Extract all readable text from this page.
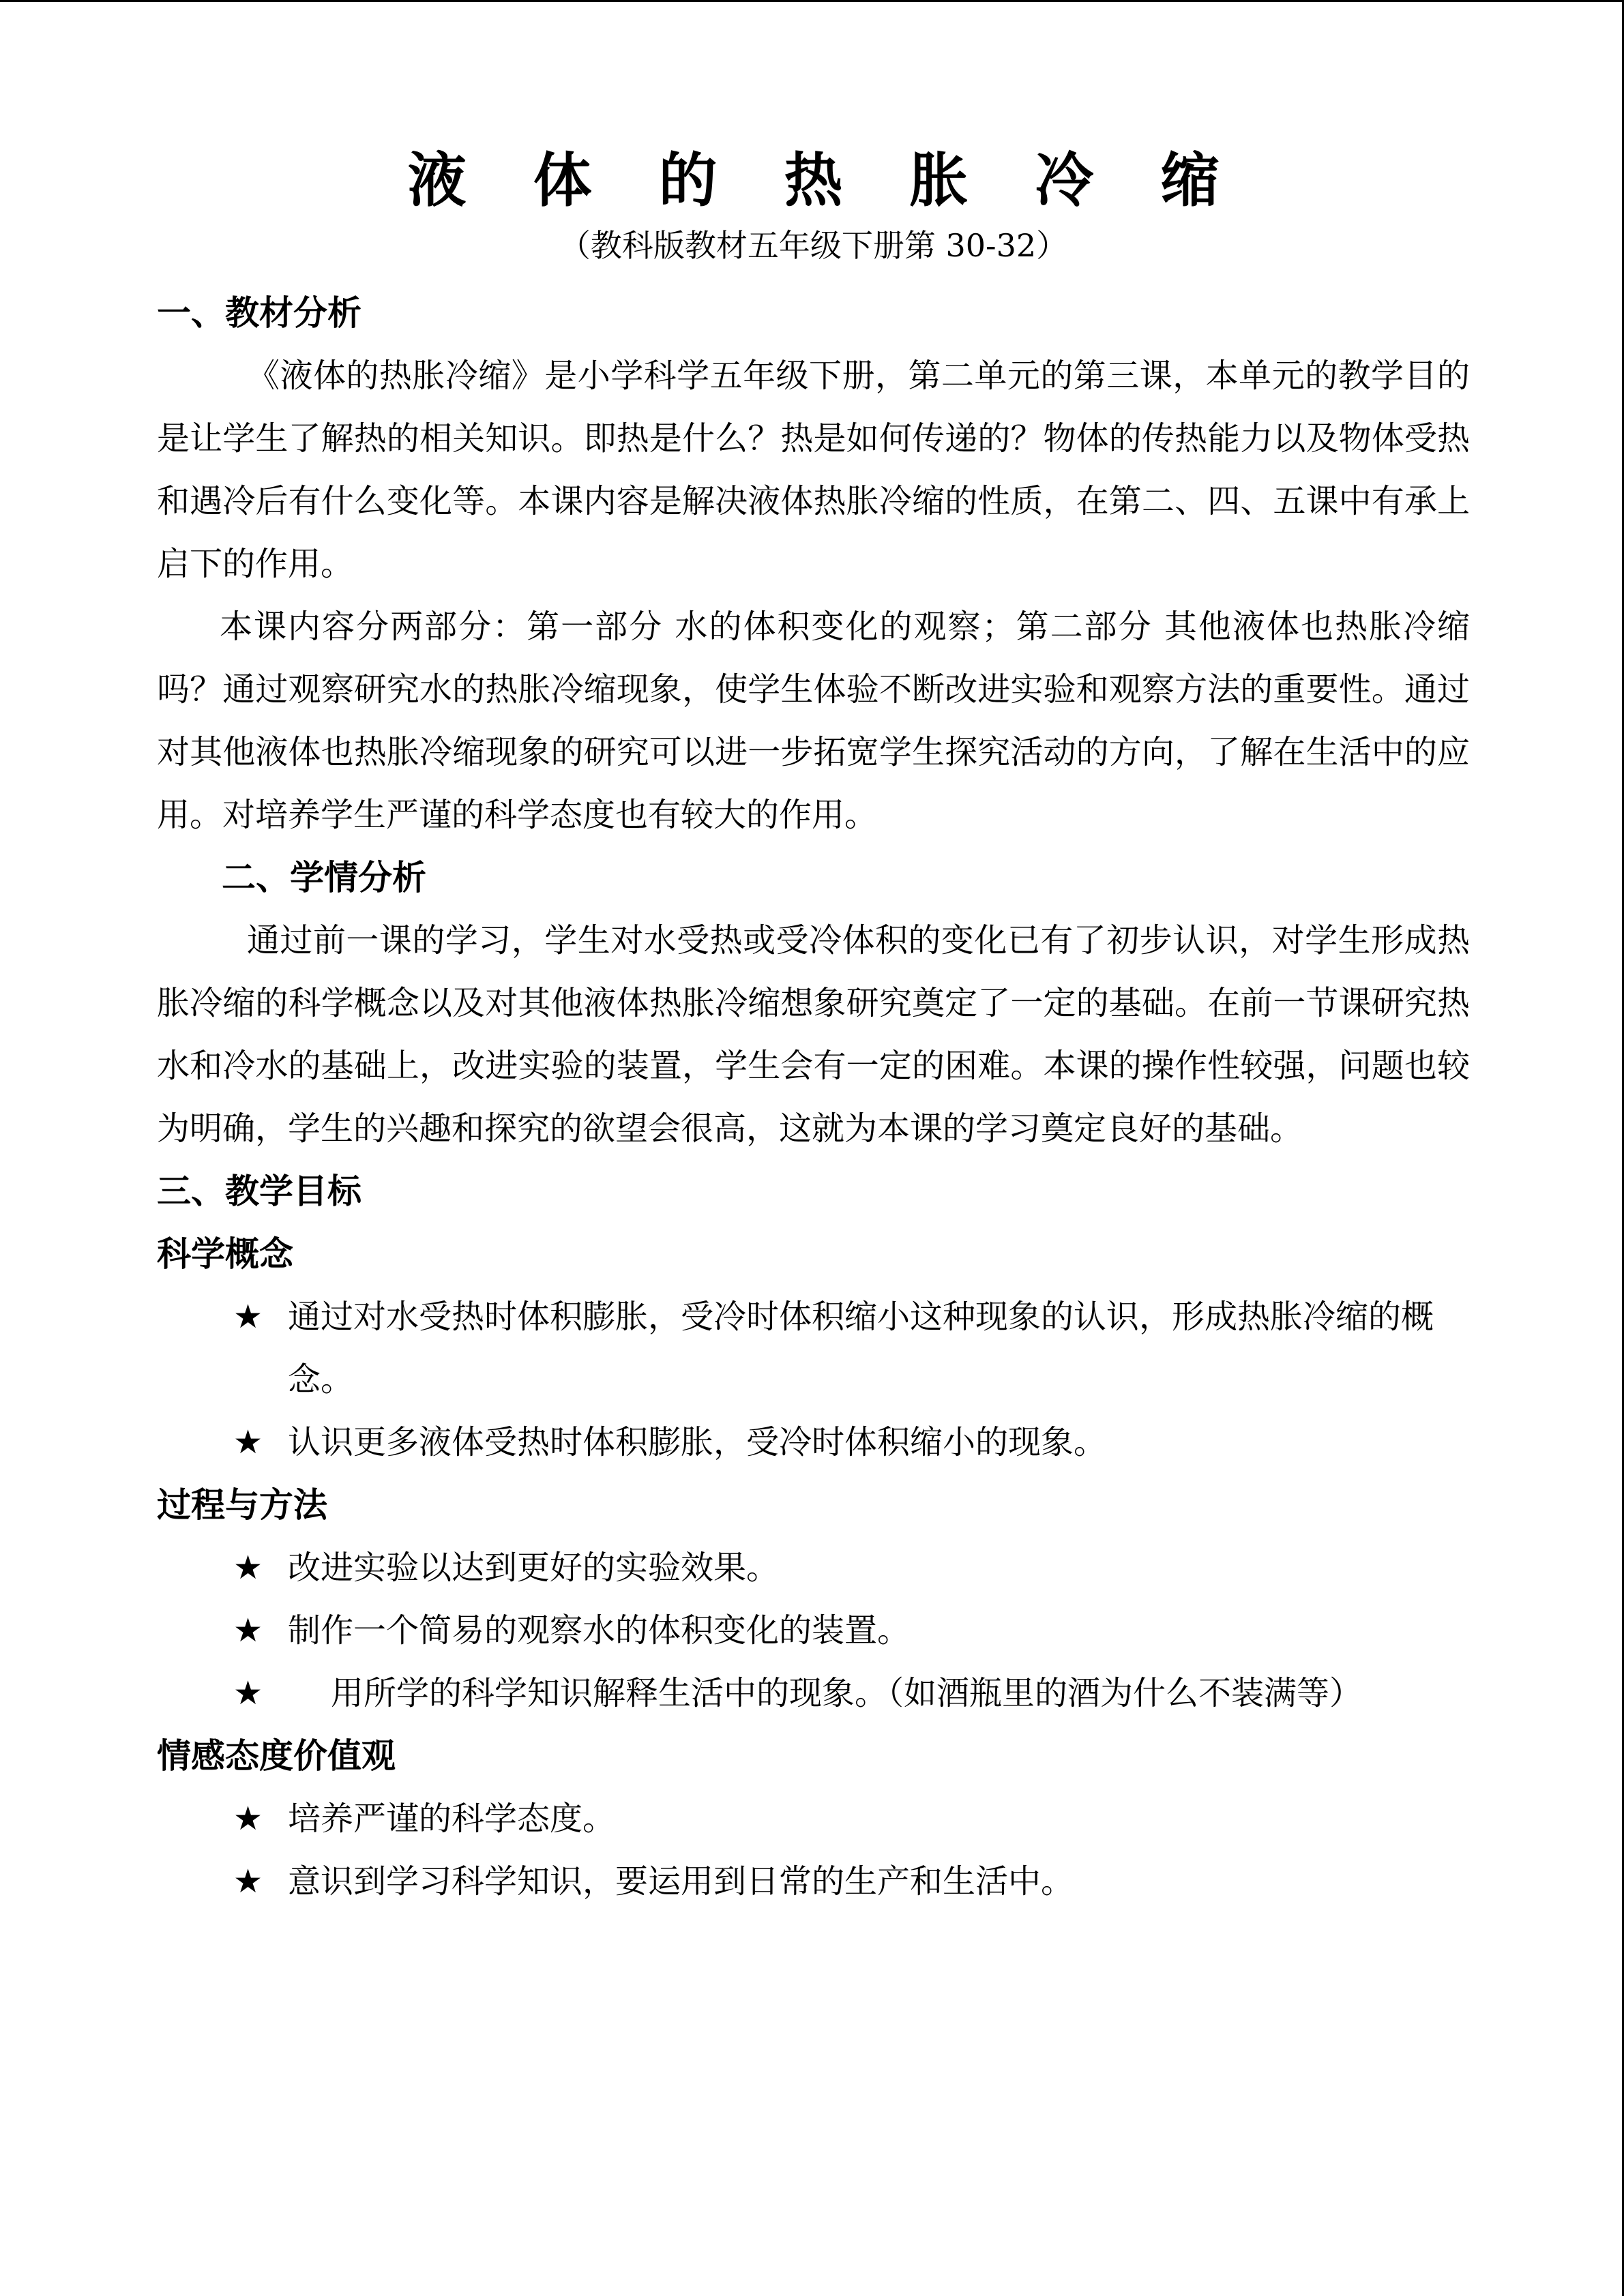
液 体 的 热 胀 冷 缩

（教科版教材五年级下册第 30-32）

一、教材分析

《液体的热胀冷缩》是小学科学五年级下册，第二单元的第三课，本单元的教学目的是让学生了解热的相关知识。即热是什么？热是如何传递的？物体的传热能力以及物体受热和遇冷后有什么变化等。本课内容是解决液体热胀冷缩的性质，在第二、四、五课中有承上启下的作用。

本课内容分两部分：第一部分 水的体积变化的观察；第二部分 其他液体也热胀冷缩吗？通过观察研究水的热胀冷缩现象，使学生体验不断改进实验和观察方法的重要性。通过对其他液体也热胀冷缩现象的研究可以进一步拓宽学生探究活动的方向，了解在生活中的应用。对培养学生严谨的科学态度也有较大的作用。

二、学情分析

通过前一课的学习，学生对水受热或受冷体积的变化已有了初步认识，对学生形成热胀冷缩的科学概念以及对其他液体热胀冷缩想象研究奠定了一定的基础。在前一节课研究热水和冷水的基础上，改进实验的装置，学生会有一定的困难。本课的操作性较强，问题也较为明确，学生的兴趣和探究的欲望会很高，这就为本课的学习奠定良好的基础。

三、教学目标

科学概念

★ 通过对水受热时体积膨胀，受冷时体积缩小这种现象的认识，形成热胀冷缩的概念。
★ 认识更多液体受热时体积膨胀，受冷时体积缩小的现象。

过程与方法

★ 改进实验以达到更好的实验效果。
★ 制作一个简易的观察水的体积变化的装置。

★ 用所学的科学知识解释生活中的现象。（如酒瓶里的酒为什么不装满等）

情感态度价值观

★ 培养严谨的科学态度。
★ 意识到学习科学知识，要运用到日常的生产和生活中。
